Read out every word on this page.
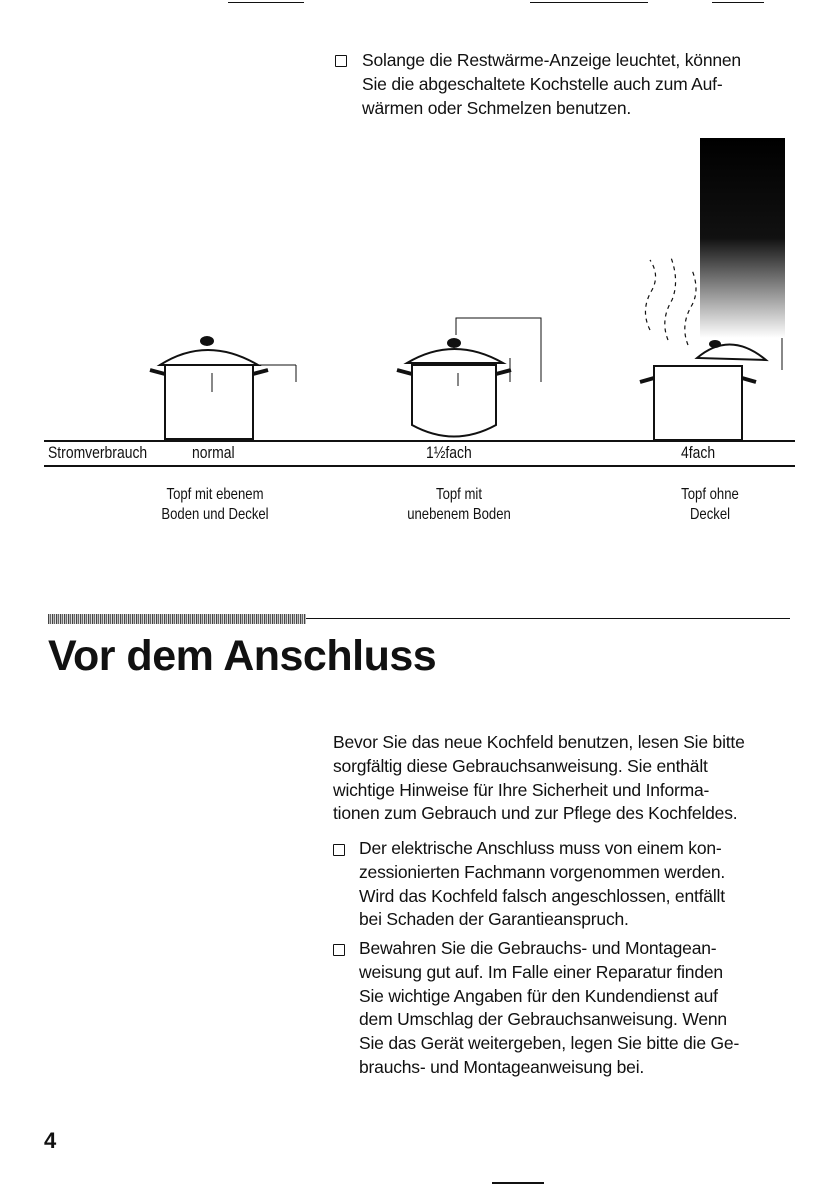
Solange die Restwärme-Anzeige leuchtet, können
Sie die abgeschaltete Kochstelle auch zum Auf-
wärmen oder Schmelzen benutzen.
Stromverbrauch	normal	1½fach	4fach
Topf mit ebenem
Boden und Deckel
Topf mit
unebenem Boden
Topf ohne
Deckel
Vor dem Anschluss
Bevor Sie das neue Kochfeld benutzen, lesen Sie bitte
sorgfältig diese Gebrauchsanweisung. Sie enthält
wichtige Hinweise für Ihre Sicherheit und Informa-
tionen zum Gebrauch und zur Pflege des Kochfeldes.
Der elektrische Anschluss muss von einem kon-
zessionierten Fachmann vorgenommen werden.
Wird das Kochfeld falsch angeschlossen, entfällt
bei Schaden der Garantieanspruch.
Bewahren Sie die Gebrauchs- und Montagean-
weisung gut auf. Im Falle einer Reparatur finden
Sie wichtige Angaben für den Kundendienst auf
dem Umschlag der Gebrauchsanweisung. Wenn
Sie das Gerät weitergeben, legen Sie bitte die Ge-
brauchs- und Montageanweisung bei.
4
